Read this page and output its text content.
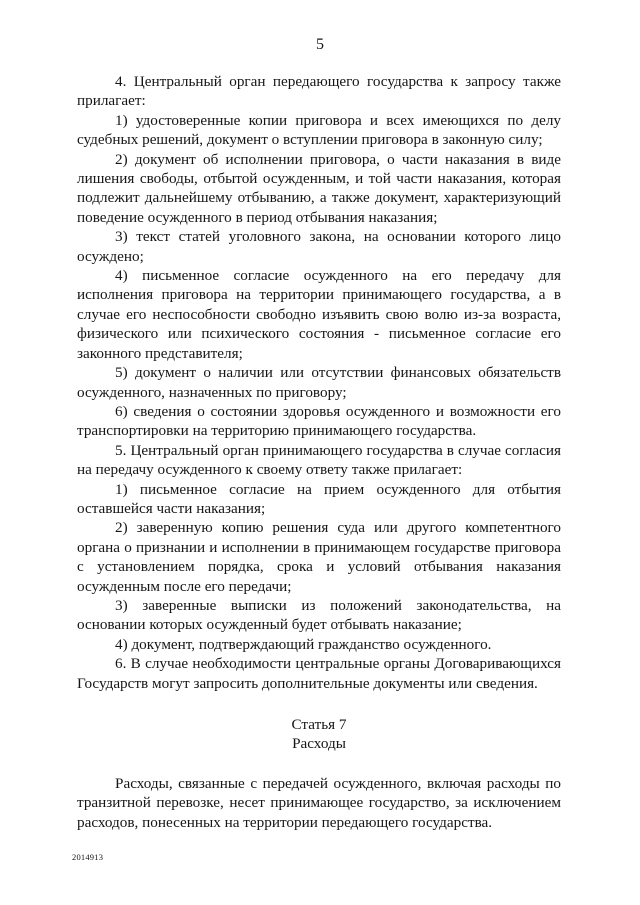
5

4. Центральный орган передающего государства к запросу также прилагает:

1) удостоверенные копии приговора и всех имеющихся по делу судебных решений, документ о вступлении приговора в законную силу;

2) документ об исполнении приговора, о части наказания в виде лишения свободы, отбытой осужденным, и той части наказания, которая подлежит дальнейшему отбыванию, а также документ, характеризующий поведение осужденного в период отбывания наказания;

3) текст статей уголовного закона, на основании которого лицо осуждено;

4) письменное согласие осужденного на его передачу для исполнения приговора на территории принимающего государства, а в случае его неспособности свободно изъявить свою волю из-за возраста, физического или психического состояния - письменное согласие его законного представителя;

5) документ о наличии или отсутствии финансовых обязательств осужденного, назначенных по приговору;

6) сведения о состоянии здоровья осужденного и возможности его транспортировки на территорию принимающего государства.

5. Центральный орган принимающего государства в случае согласия на передачу осужденного к своему ответу также прилагает:

1) письменное согласие на прием осужденного для отбытия оставшейся части наказания;

2) заверенную копию решения суда или другого компетентного органа о признании и исполнении в принимающем государстве приговора с установлением порядка, срока и условий отбывания наказания осужденным после его передачи;

3) заверенные выписки из положений законодательства, на основании которых осужденный будет отбывать наказание;

4) документ, подтверждающий гражданство осужденного.

6. В случае необходимости центральные органы Договаривающихся Государств могут запросить дополнительные документы или сведения.

Статья 7

Расходы

Расходы, связанные с передачей осужденного, включая расходы по транзитной перевозке, несет принимающее государство, за исключением расходов, понесенных на территории передающего государства.

2014913
